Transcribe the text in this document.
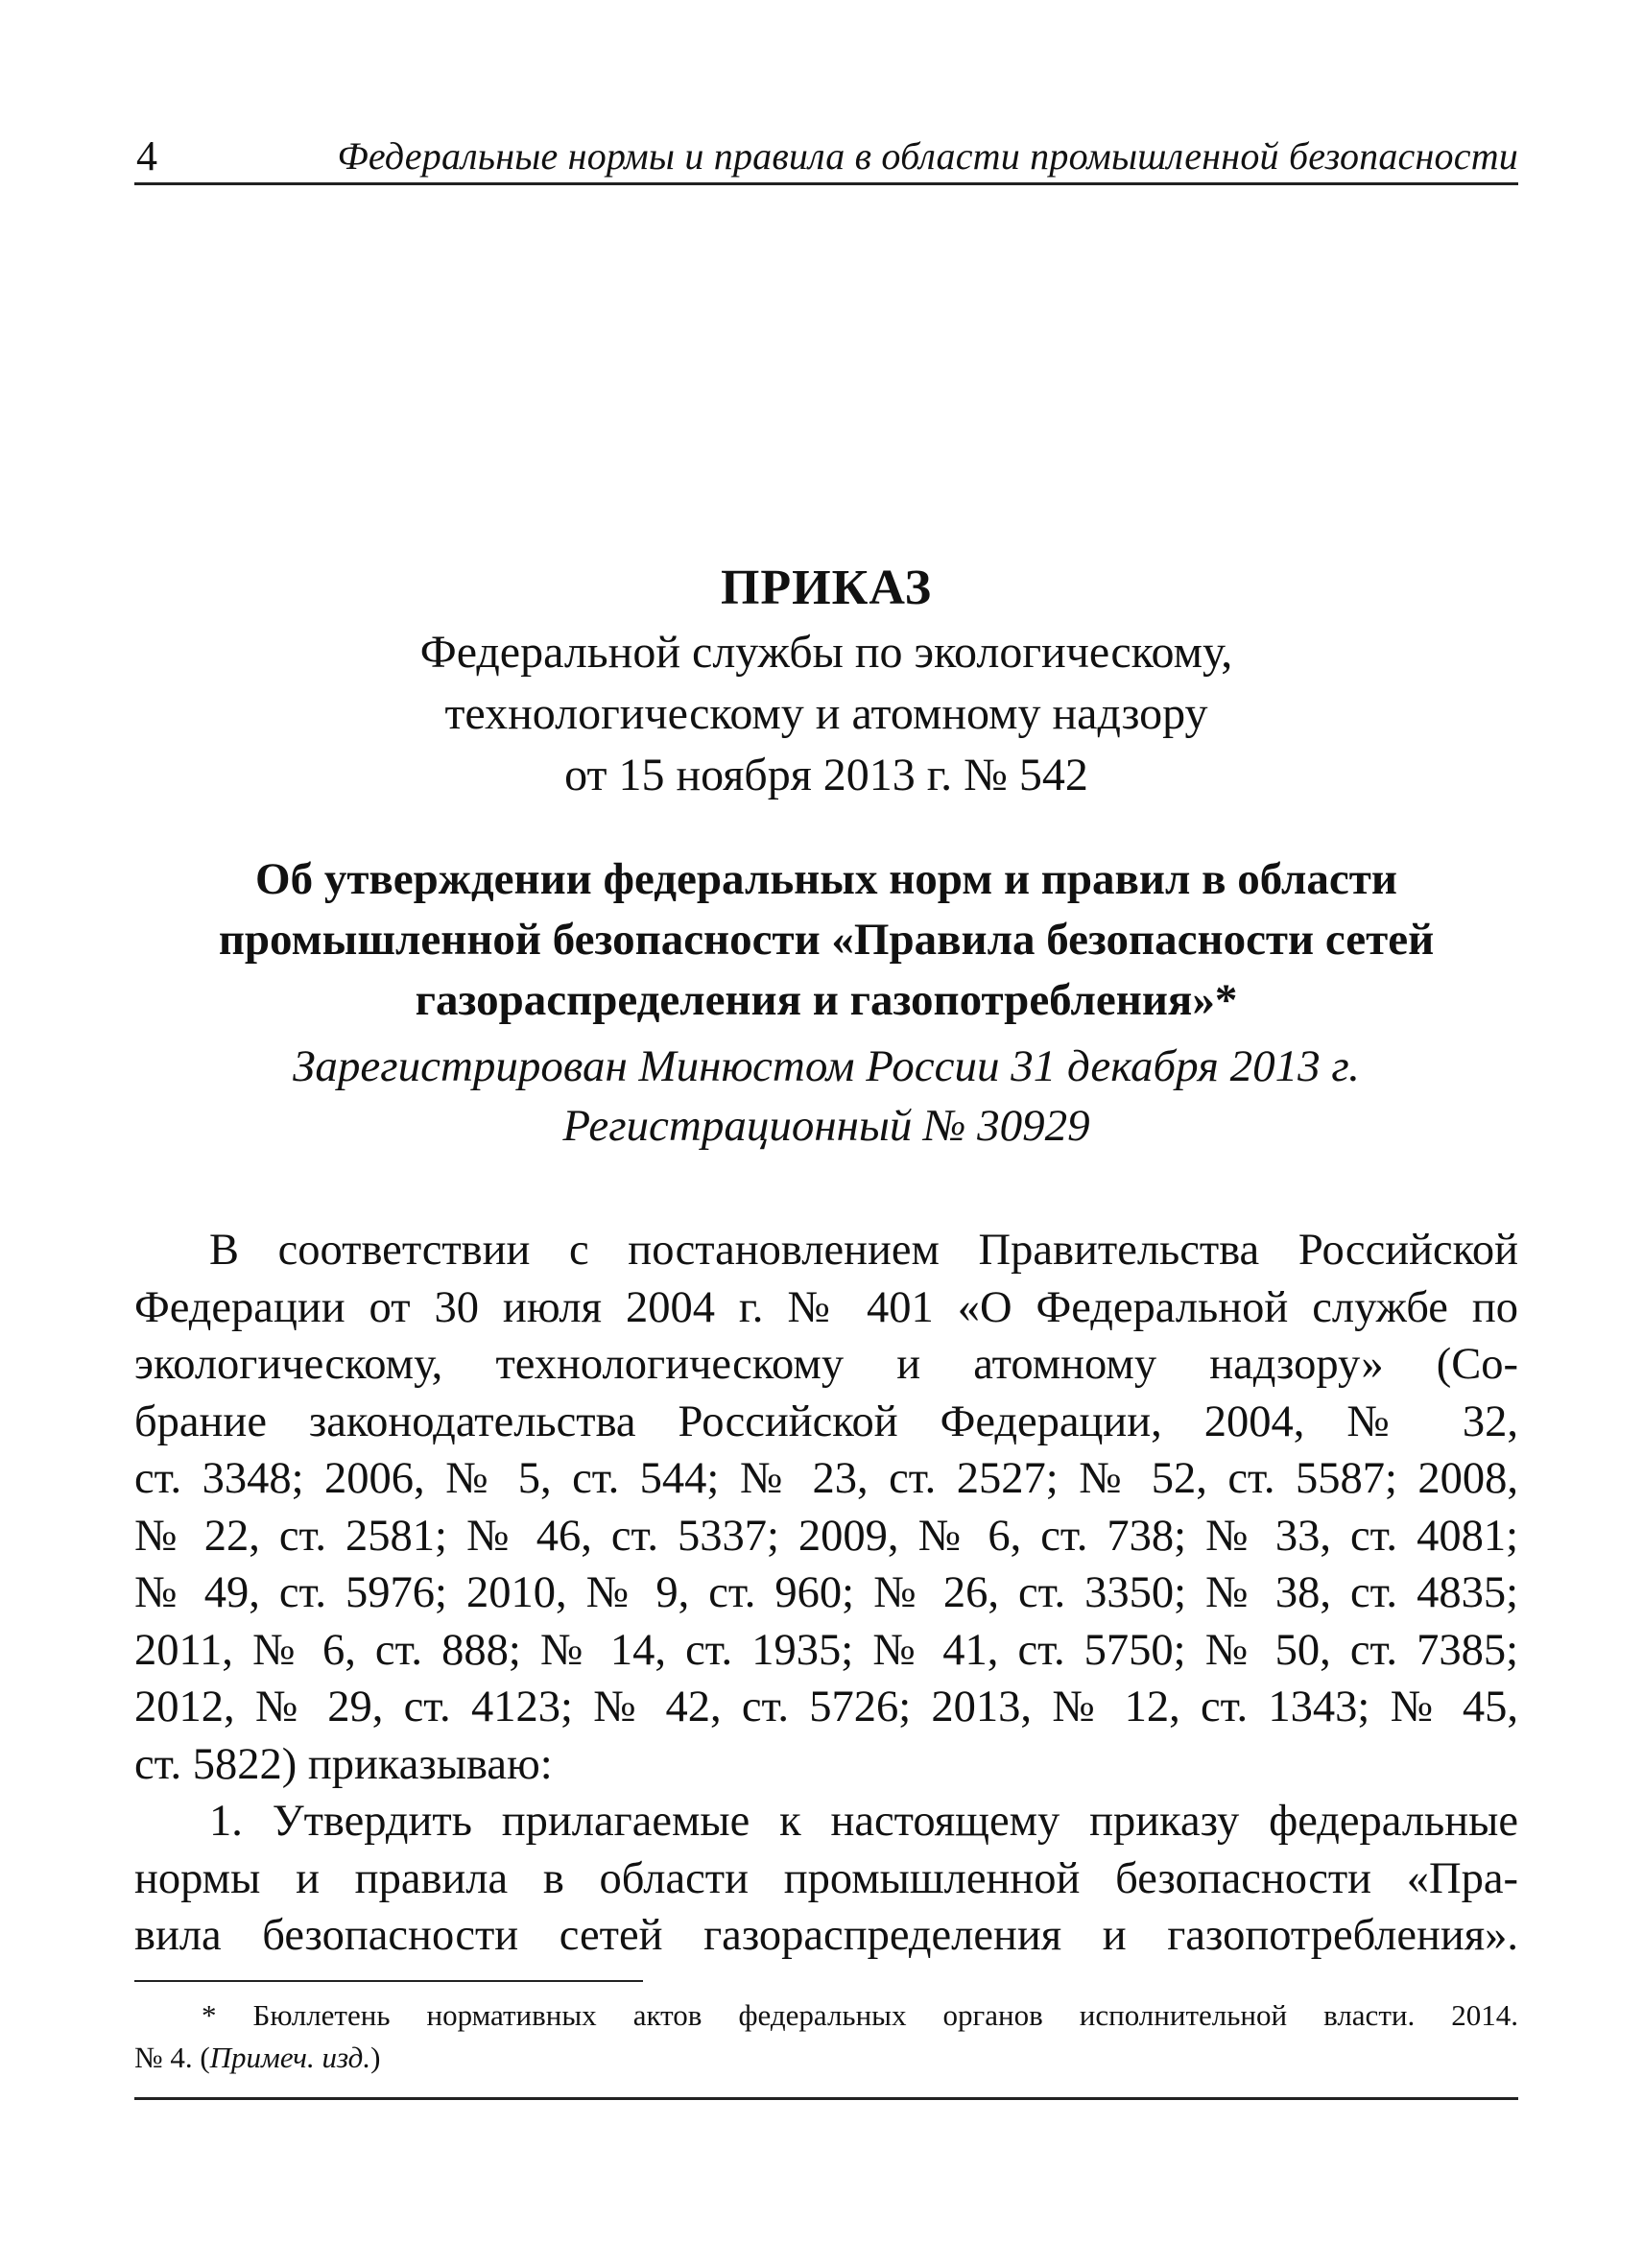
4	Федеральные нормы и правила в области промышленной безопасности
ПРИКАЗ
Федеральной службы по экологическому,
технологическому и атомному надзору
от 15 ноября 2013 г. № 542
Об утверждении федеральных норм и правил в области
промышленной безопасности «Правила безопасности сетей
газораспределения и газопотребления»*
Зарегистрирован Минюстом России 31 декабря 2013 г.
Регистрационный № 30929
В соответствии с постановлением Правительства Российской
Федерации от 30 июля 2004 г. № 401 «О Федеральной службе по
экологическому, технологическому и атомному надзору» (Со-
брание законодательства Российской Федерации, 2004, № 32,
ст. 3348; 2006, № 5, ст. 544; № 23, ст. 2527; № 52, ст. 5587; 2008,
№ 22, ст. 2581; № 46, ст. 5337; 2009, № 6, ст. 738; № 33, ст. 4081;
№ 49, ст. 5976; 2010, № 9, ст. 960; № 26, ст. 3350; № 38, ст. 4835;
2011, № 6, ст. 888; № 14, ст. 1935; № 41, ст. 5750; № 50, ст. 7385;
2012, № 29, ст. 4123; № 42, ст. 5726; 2013, № 12, ст. 1343; № 45,
ст. 5822) приказываю:
1. Утвердить прилагаемые к настоящему приказу федеральные
нормы и правила в области промышленной безопасности «Пра-
вила безопасности сетей газораспределения и газопотребления».
* Бюллетень нормативных актов федеральных органов исполнительной власти. 2014.
№ 4. (Примеч. изд.)
